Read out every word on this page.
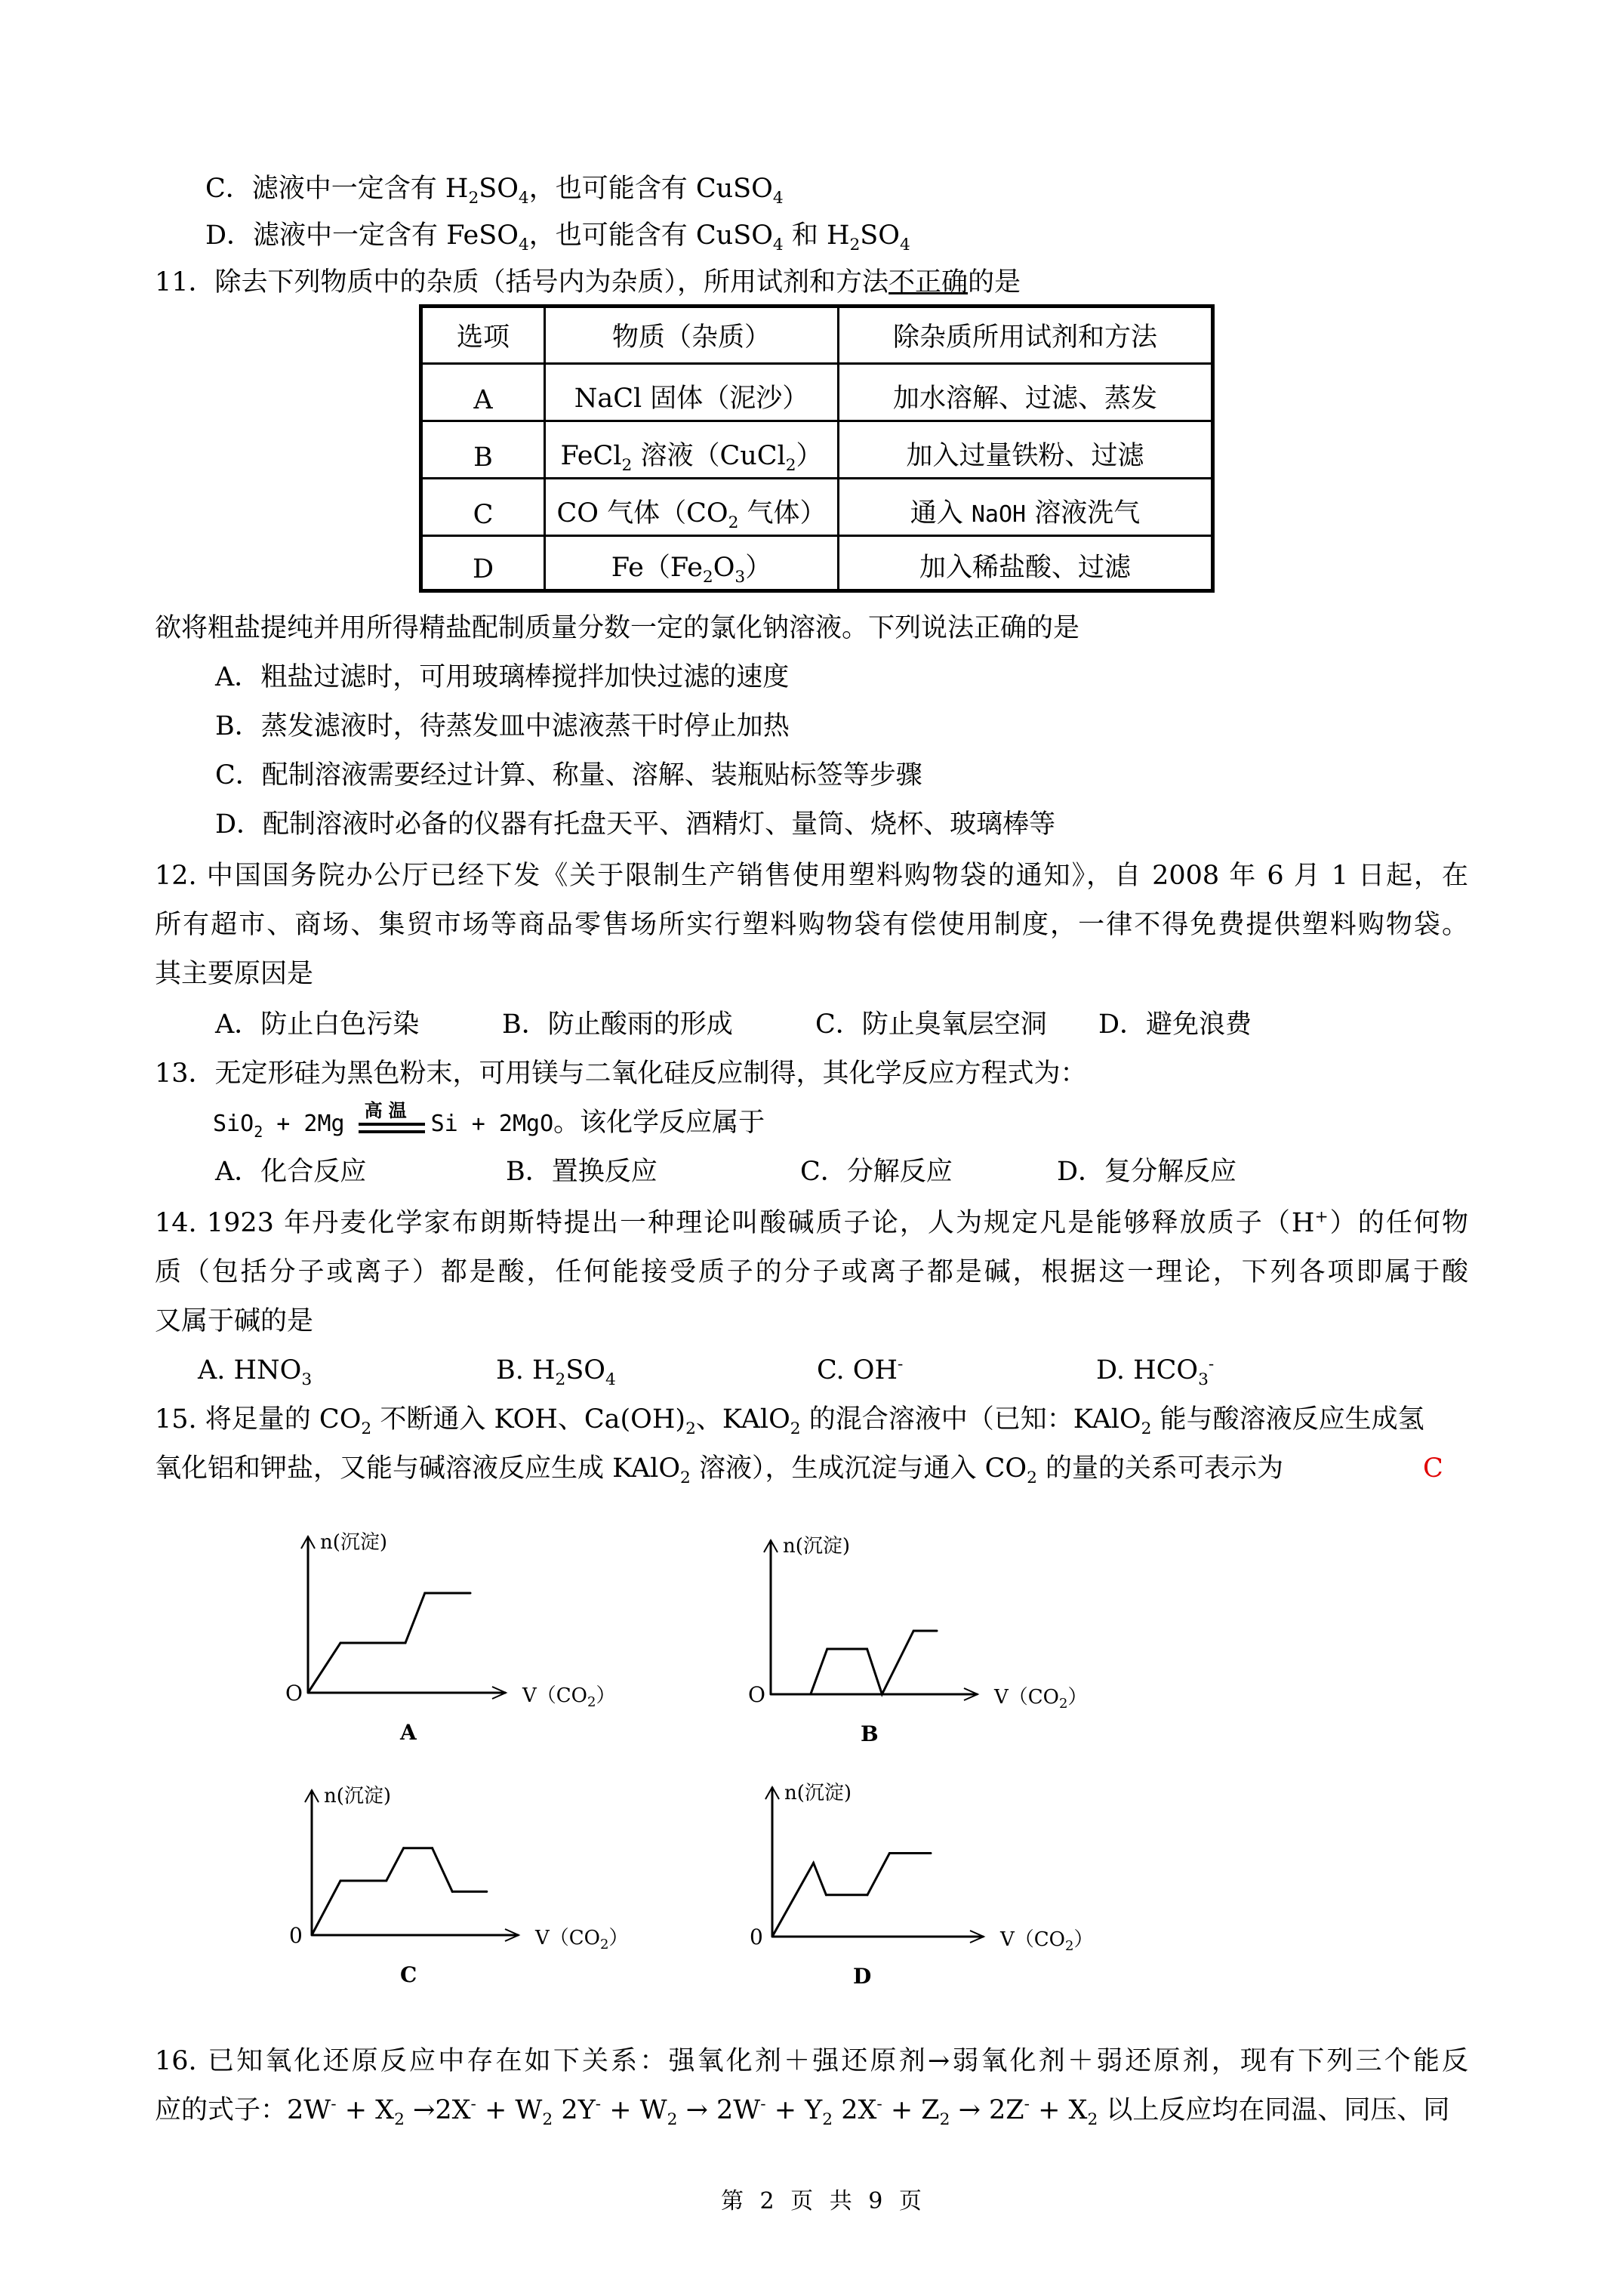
C．滤液中一定含有 $H_2SO_4$，也可能含有 CuSO$_4$
D．滤液中一定含有 FeSO$_4$，也可能含有 CuSO$_4$ 和 $H_2SO_4$
11．除去下列物质中的杂质（括号内为杂质），所用试剂和方法不正确的是
选项	物质（杂质）	除杂质所用试剂和方法
A	NaCl 固体（泥沙）	加水溶解、过滤、蒸发
B	FeCl$_2$ 溶液（CuCl$_2$）	加入过量铁粉、过滤
C	CO 气体（$CO_2$ 气体）	通入 NaOH 溶液洗气
D	$Fe(Fe_2O_3)$	加入稀盐酸、过滤
欲将粗盐提纯并用所得精盐配制质量分数一定的氯化钠溶液。下列说法正确的是
A．粗盐过滤时，可用玻璃棒搅拌加快过滤的速度
B．蒸发滤液时，待蒸发皿中滤液蒸干时停止加热
C．配制溶液需要经过计算、称量、溶解、装瓶贴标签等步骤
D．配制溶液时必备的仪器有托盘天平、酒精灯、量筒、烧杯、玻璃棒等
12. 中国国务院办公厅已经下发《关于限制生产销售使用塑料购物袋的通知》，自 2008 年 6 月 1 日起，在
所有超市、商场、集贸市场等商品零售场所实行塑料购物袋有偿使用制度，一律不得免费提供塑料购物袋。
其主要原因是
A．防止白色污染	B．防止酸雨的形成	C．防止臭氧层空洞 D．避免浪费
13．无定形硅为黑色粉末，可用镁与二氧化硅反应制得，其化学反应方程式为：
SiO$_2$ + 2Mg
高温
Si + 2MgO。该化学反应属于
A．化合反应	B．置换反应	C．分解反应	D．复分解反应
14. 1923 年丹麦化学家布朗斯特提出一种理论叫酸碱质子论，人为规定凡是能够释放质子（H+）的任何物
质（包括分子或离子）都是酸，任何能接受质子的分子或离子都是碱，根据这一理论，下列各项即属于酸
又属于碱的是
A. $HNO_3$	B. $H_2SO_4$	C. OH-	D. $HCO_3^-$
15. 将足量的 $CO_2$ 不断通入 KOH、$Ca(OH)_2$、KAlO$_2$ 的混合溶液中（已知：KAlO$_2$ 能与酸溶液反应生成氢
氧化铝和钾盐，又能与碱溶液反应生成 KAlO$_2$ 溶液），生成沉淀与通入 $CO_2$ 的量的关系可表示为	C
n(沉淀)
O	$V(CO_2)$
A
n(沉淀)
O	$V(CO_2)$
B
n(沉淀)
0	$V(CO_2)$
C
n(沉淀)
0	$V(CO_2)$
D
16. 已知氧化还原反应中存在如下关系：强氧化剂＋强还原剂→弱氧化剂＋弱还原剂，现有下列三个能反
应的式子：$2W^- + X_2 \to 2X^- + W_2$ $2Y^- + W_2 \to 2W^- + Y_2$ $2X^- + Z_2 \to 2Z^- + X_2$ 以上反应均在同温、同压、同
第 2 页 共 9 页
